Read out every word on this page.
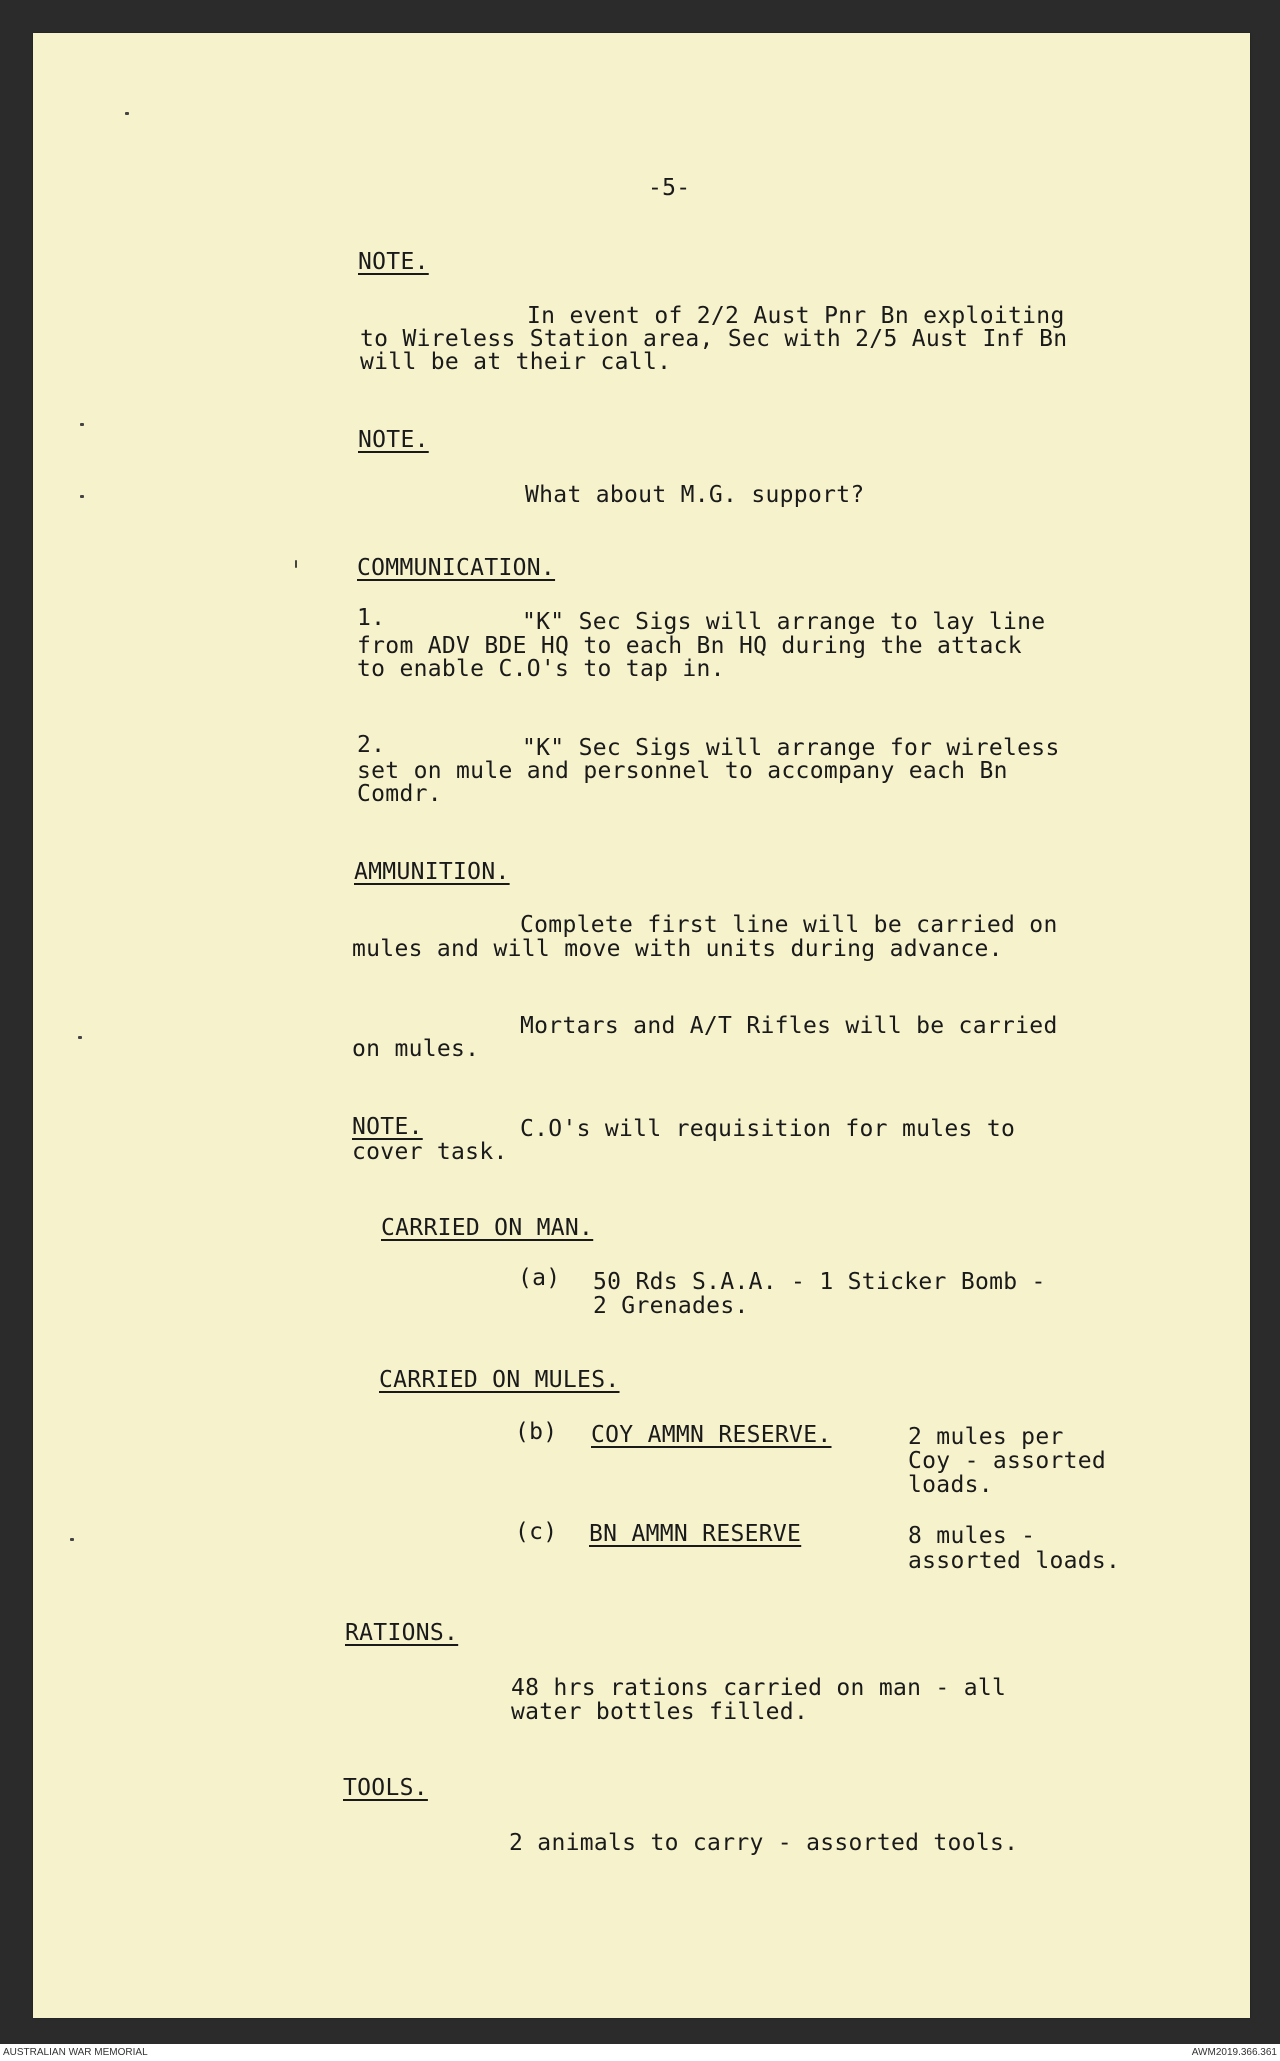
-5-
NOTE.
In event of 2/2 Aust Pnr Bn exploiting
to Wireless Station area, Sec with 2/5 Aust Inf Bn
will be at their call.
NOTE.
What about M.G. support?
COMMUNICATION.
1.	"K" Sec Sigs will arrange to lay line
from ADV BDE HQ to each Bn HQ during the attack
to enable C.O's to tap in.
2.	"K" Sec Sigs will arrange for wireless
set on mule and personnel to accompany each Bn
Comdr.
AMMUNITION.
Complete first line will be carried on
mules and will move with units during advance.
Mortars and A/T Rifles will be carried
on mules.
NOTE.	C.O's will requisition for mules to
cover task.
CARRIED ON MAN.
(a) 50 Rds S.A.A. - 1 Sticker Bomb -
2 Grenades.
CARRIED ON MULES.
(b) COY AMMN RESERVE.	2 mules per
Coy - assorted
loads.
(c) BN AMMN RESERVE	8 mules -
assorted loads.
RATIONS.
48 hrs rations carried on man - all
water bottles filled.
TOOLS.
2 animals to carry - assorted tools.
AUSTRALIAN WAR MEMORIAL	AWM2019.366.361
